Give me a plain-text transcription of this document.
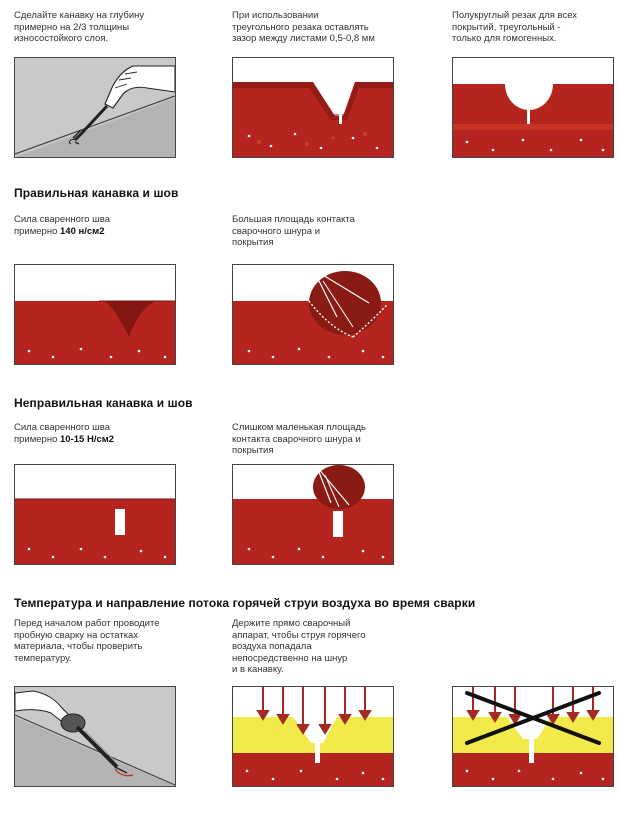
Сделайте канавку на глубину
примерно на 2/3 толщины
износостойкого слоя.
При использовании
треугольного резака оставлять
зазор между листами 0,5-0,8 мм
Полукруглый резак для всех
покрытий, треугольный -
только для гомогенных.
Правильная канавка и шов
Сила сваренного шва
примерно 140 н/см2
Большая площадь контакта
сварочного шнура и
покрытия
Неправильная канавка и шов
Сила сваренного шва
примерно 10-15 Н/см2
Слишком маленькая площадь
контакта сварочного шнура и
покрытия
Температура и направление потока горячей струи воздуха во время сварки
Перед началом работ проводите
пробную сварку на остатках
материала, чтобы проверить
температуру.
Держите прямо сварочный
аппарат, чтобы струя горячего
воздуха попадала
непосредственно на шнур
и в канавку.
